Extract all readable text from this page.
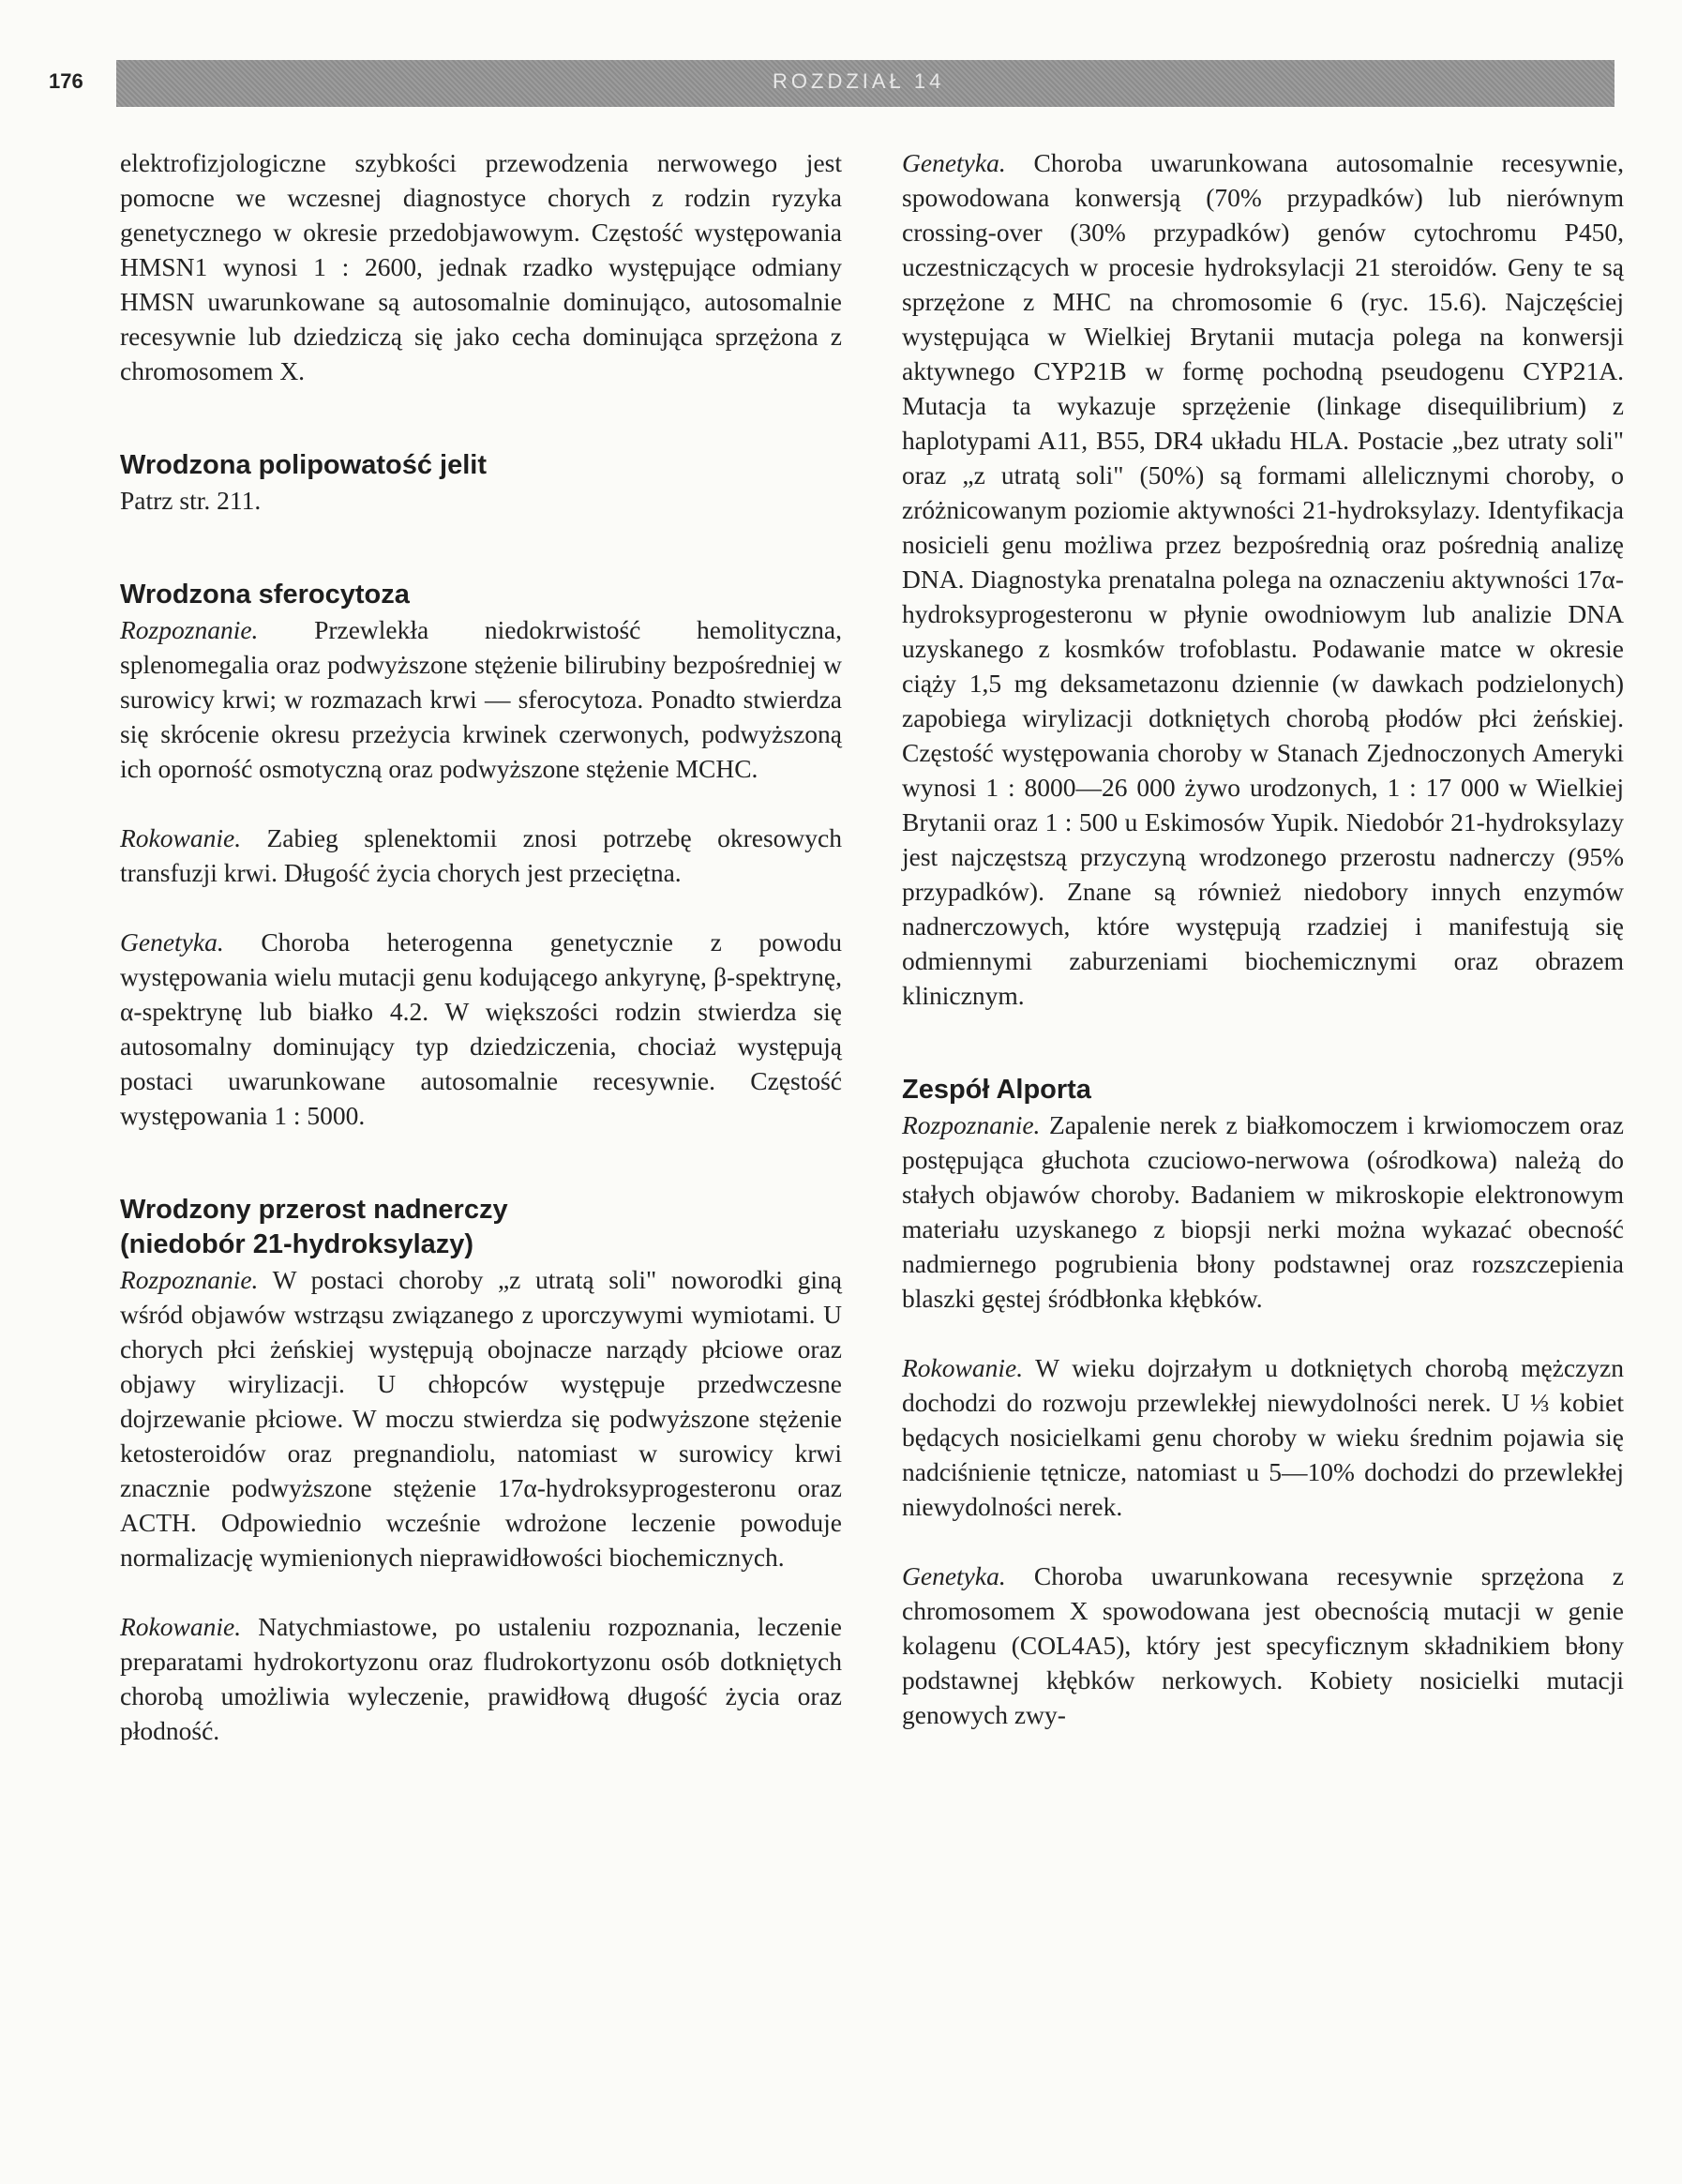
176	ROZDZIAŁ 14

elektrofizjologiczne szybkości przewodzenia nerwowego jest pomocne we wczesnej diagnostyce chorych z rodzin ryzyka genetycznego w okresie przedobjawowym. Częstość występowania HMSN1 wynosi 1 : 2600, jednak rzadko występujące odmiany HMSN uwarunkowane są autosomalnie dominująco, autosomalnie recesywnie lub dziedziczą się jako cecha dominująca sprzężona z chromosomem X.

Wrodzona polipowatość jelit

Patrz str. 211.

Wrodzona sferocytoza

Rozpoznanie. Przewlekła niedokrwistość hemolityczna, splenomegalia oraz podwyższone stężenie bilirubiny bezpośredniej w surowicy krwi; w rozmazach krwi — sferocytoza. Ponadto stwierdza się skrócenie okresu przeżycia krwinek czerwonych, podwyższoną ich oporność osmotyczną oraz podwyższone stężenie MCHC.

Rokowanie. Zabieg splenektomii znosi potrzebę okresowych transfuzji krwi. Długość życia chorych jest przeciętna.

Genetyka. Choroba heterogenna genetycznie z powodu występowania wielu mutacji genu kodującego ankyrynę, β-spektrynę, α-spektrynę lub białko 4.2. W większości rodzin stwierdza się autosomalny dominujący typ dziedziczenia, chociaż występują postaci uwarunkowane autosomalnie recesywnie. Częstość występowania 1 : 5000.

Wrodzony przerost nadnerczy
(niedobór 21-hydroksylazy)

Rozpoznanie. W postaci choroby „z utratą soli" noworodki giną wśród objawów wstrząsu związanego z uporczywymi wymiotami. U chorych płci żeńskiej występują obojnacze narządy płciowe oraz objawy wirylizacji. U chłopców występuje przedwczesne dojrzewanie płciowe. W moczu stwierdza się podwyższone stężenie ketosteroidów oraz pregnandiolu, natomiast w surowicy krwi znacznie podwyższone stężenie 17α-hydroksyprogesteronu oraz ACTH. Odpowiednio wcześnie wdrożone leczenie powoduje normalizację wymienionych nieprawidłowości biochemicznych.

Rokowanie. Natychmiastowe, po ustaleniu rozpoznania, leczenie preparatami hydrokortyzonu oraz fludrokortyzonu osób dotkniętych chorobą umożliwia wyleczenie, prawidłową długość życia oraz płodność.

Genetyka. Choroba uwarunkowana autosomalnie recesywnie, spowodowana konwersją (70% przypadków) lub nierównym crossing-over (30% przypadków) genów cytochromu P450, uczestniczących w procesie hydroksylacji 21 steroidów. Geny te są sprzężone z MHC na chromosomie 6 (ryc. 15.6). Najczęściej występująca w Wielkiej Brytanii mutacja polega na konwersji aktywnego CYP21B w formę pochodną pseudogenu CYP21A. Mutacja ta wykazuje sprzężenie (linkage disequilibrium) z haplotypami A11, B55, DR4 układu HLA. Postacie „bez utraty soli" oraz „z utratą soli" (50%) są formami allelicznymi choroby, o zróżnicowanym poziomie aktywności 21-hydroksylazy. Identyfikacja nosicieli genu możliwa przez bezpośrednią oraz pośrednią analizę DNA. Diagnostyka prenatalna polega na oznaczeniu aktywności 17α-hydroksyprogesteronu w płynie owodniowym lub analizie DNA uzyskanego z kosmków trofoblastu. Podawanie matce w okresie ciąży 1,5 mg deksametazonu dziennie (w dawkach podzielonych) zapobiega wirylizacji dotkniętych chorobą płodów płci żeńskiej. Częstość występowania choroby w Stanach Zjednoczonych Ameryki wynosi 1 : 8000—26 000 żywo urodzonych, 1 : 17 000 w Wielkiej Brytanii oraz 1 : 500 u Eskimosów Yupik. Niedobór 21-hydroksylazy jest najczęstszą przyczyną wrodzonego przerostu nadnerczy (95% przypadków). Znane są również niedobory innych enzymów nadnerczowych, które występują rzadziej i manifestują się odmiennymi zaburzeniami biochemicznymi oraz obrazem klinicznym.

Zespół Alporta

Rozpoznanie. Zapalenie nerek z białkomoczem i krwiomoczem oraz postępująca głuchota czuciowo-nerwowa (ośrodkowa) należą do stałych objawów choroby. Badaniem w mikroskopie elektronowym materiału uzyskanego z biopsji nerki można wykazać obecność nadmiernego pogrubienia błony podstawnej oraz rozszczepienia blaszki gęstej śródbłonka kłębków.

Rokowanie. W wieku dojrzałym u dotkniętych chorobą mężczyzn dochodzi do rozwoju przewlekłej niewydolności nerek. U ⅓ kobiet będących nosicielkami genu choroby w wieku średnim pojawia się nadciśnienie tętnicze, natomiast u 5—10% dochodzi do przewlekłej niewydolności nerek.

Genetyka. Choroba uwarunkowana recesywnie sprzężona z chromosomem X spowodowana jest obecnością mutacji w genie kolagenu (COL4A5), który jest specyficznym składnikiem błony podstawnej kłębków nerkowych. Kobiety nosicielki mutacji genowych zwy-
